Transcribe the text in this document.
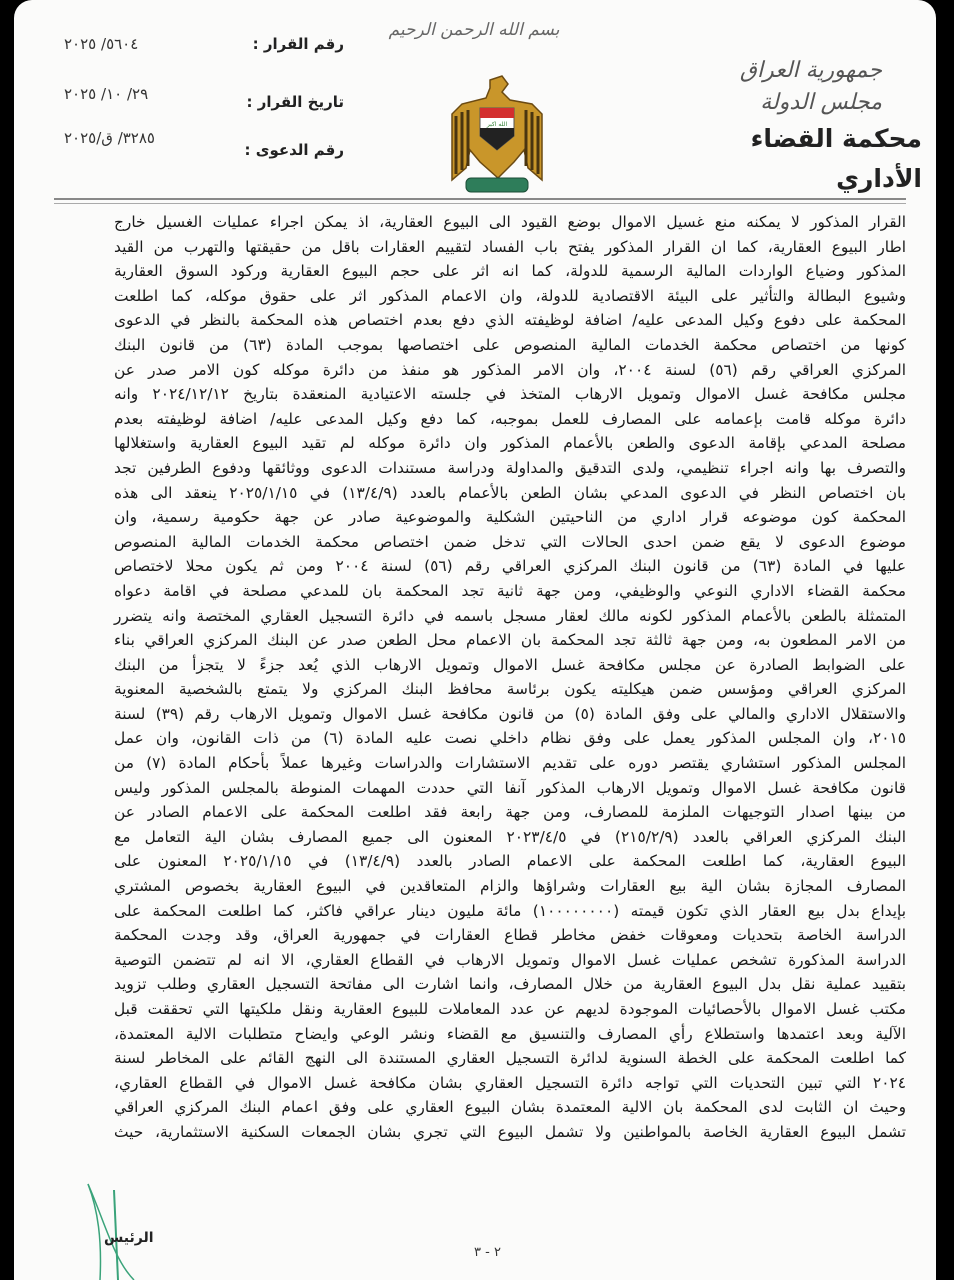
بسم الله الرحمن الرحيم
جمهورية العراق
مجلس الدولة
محكمة القضاء الأداري
الله اكبر
رقم القرار :
٥٦٠٤/ ٢٠٢٥
تاريخ القرار :
٢٩/ ١٠/ ٢٠٢٥
رقم الدعوى :
٣٢٨٥/ ق/٢٠٢٥

القرار المذكور لا يمكنه منع غسيل الاموال بوضع القيود الى البيوع العقارية، اذ يمكن اجراء عمليات الغسيل خارج

اطار البيوع العقارية، كما ان القرار المذكور يفتح باب الفساد لتقييم العقارات باقل من حقيقتها والتهرب من القيد

المذكور وضياع الواردات المالية الرسمية للدولة، كما انه اثر على حجم البيوع العقارية وركود السوق العقارية

وشيوع البطالة والتأثير على البيئة الاقتصادية للدولة، وان الاعمام المذكور اثر على حقوق موكله، كما اطلعت

المحكمة على دفوع وكيل المدعى عليه/ اضافة لوظيفته الذي دفع بعدم اختصاص هذه المحكمة بالنظر في الدعوى

كونها من اختصاص محكمة الخدمات المالية المنصوص على اختصاصها بموجب المادة (٦٣) من قانون البنك

المركزي العراقي رقم (٥٦) لسنة ٢٠٠٤، وان الامر المذكور هو منفذ من دائرة موكله كون الامر صدر عن

مجلس مكافحة غسل الاموال وتمويل الارهاب المتخذ في جلسته الاعتيادية المنعقدة بتاريخ ٢٠٢٤/١٢/١٢ وانه

دائرة موكله قامت بإعمامه على المصارف للعمل بموجبه، كما دفع وكيل المدعى عليه/ اضافة لوظيفته بعدم

مصلحة المدعي بإقامة الدعوى والطعن بالأعمام المذكور وان دائرة موكله لم تقيد البيوع العقارية واستغلالها

والتصرف بها وانه اجراء تنظيمي، ولدى التدقيق والمداولة ودراسة مستندات الدعوى ووثائقها ودفوع الطرفين تجد

بان اختصاص النظر في الدعوى المدعي بشان الطعن بالأعمام بالعدد (١٣/٤/٩) في ٢٠٢٥/١/١٥ ينعقد الى هذه

المحكمة كون موضوعه قرار اداري من الناحيتين الشكلية والموضوعية صادر عن جهة حكومية رسمية، وان

موضوع الدعوى لا يقع ضمن احدى الحالات التي تدخل ضمن اختصاص محكمة الخدمات المالية المنصوص

عليها في المادة (٦٣) من قانون البنك المركزي العراقي رقم (٥٦) لسنة ٢٠٠٤ ومن ثم يكون محلا لاختصاص

محكمة القضاء الاداري النوعي والوظيفي، ومن جهة ثانية تجد المحكمة بان للمدعي مصلحة في اقامة دعواه

المتمثلة بالطعن بالأعمام المذكور لكونه مالك لعقار مسجل باسمه في دائرة التسجيل العقاري المختصة وانه يتضرر

من الامر المطعون به، ومن جهة ثالثة تجد المحكمة بان الاعمام محل الطعن صدر عن البنك المركزي العراقي بناء

على الضوابط الصادرة عن مجلس مكافحة غسل الاموال وتمويل الارهاب الذي يُعد جزءً لا يتجزأ من البنك

المركزي العراقي ومؤسس ضمن هيكليته يكون برئاسة محافظ البنك المركزي ولا يتمتع بالشخصية المعنوية

والاستقلال الاداري والمالي على وفق المادة (٥) من قانون مكافحة غسل الاموال وتمويل الارهاب رقم (٣٩) لسنة

٢٠١٥، وان المجلس المذكور يعمل على وفق نظام داخلي نصت عليه المادة (٦) من ذات القانون، وان عمل

المجلس المذكور استشاري يقتصر دوره على تقديم الاستشارات والدراسات وغيرها عملاً بأحكام المادة (٧) من

قانون مكافحة غسل الاموال وتمويل الارهاب المذكور آنفا التي حددت المهمات المنوطة بالمجلس المذكور وليس

من بينها اصدار التوجيهات الملزمة للمصارف، ومن جهة رابعة فقد اطلعت المحكمة على الاعمام الصادر عن

البنك المركزي العراقي بالعدد (٢١٥/٢/٩) في ٢٠٢٣/٤/٥ المعنون الى جميع المصارف بشان الية التعامل مع

البيوع العقارية، كما اطلعت المحكمة على الاعمام الصادر بالعدد (١٣/٤/٩) في ٢٠٢٥/١/١٥ المعنون على

المصارف المجازة بشان الية بيع العقارات وشراؤها والزام المتعاقدين في البيوع العقارية بخصوص المشتري

بإيداع بدل بيع العقار الذي تكون قيمته (١٠٠٠٠٠٠٠٠) مائة مليون دينار عراقي فاكثر، كما اطلعت المحكمة على

الدراسة الخاصة بتحديات ومعوقات خفض مخاطر قطاع العقارات في جمهورية العراق، وقد وجدت المحكمة

الدراسة المذكورة تشخص عمليات غسل الاموال وتمويل الارهاب في القطاع العقاري، الا انه لم تتضمن التوصية

بتقييد عملية نقل بدل البيوع العقارية من خلال المصارف، وانما اشارت الى مفاتحة التسجيل العقاري وطلب تزويد

مكتب غسل الاموال بالأحصائيات الموجودة لديهم عن عدد المعاملات للبيوع العقارية ونقل ملكيتها التي تحققت قبل

الآلية وبعد اعتمدها واستطلاع رأي المصارف والتنسيق مع القضاء ونشر الوعي وايضاح متطلبات الالية المعتمدة،

كما اطلعت المحكمة على الخطة السنوية لدائرة التسجيل العقاري المستندة الى النهج القائم على المخاطر لسنة

٢٠٢٤ التي تبين التحديات التي تواجه دائرة التسجيل العقاري بشان مكافحة غسل الاموال في القطاع العقاري،

وحيث ان الثابت لدى المحكمة بان الالية المعتمدة بشان البيوع العقاري على وفق اعمام البنك المركزي العراقي

تشمل البيوع العقارية الخاصة بالمواطنين ولا تشمل البيوع التي تجري بشان الجمعات السكنية الاستثمارية، حيث

الرئيس
٢ - ٣
